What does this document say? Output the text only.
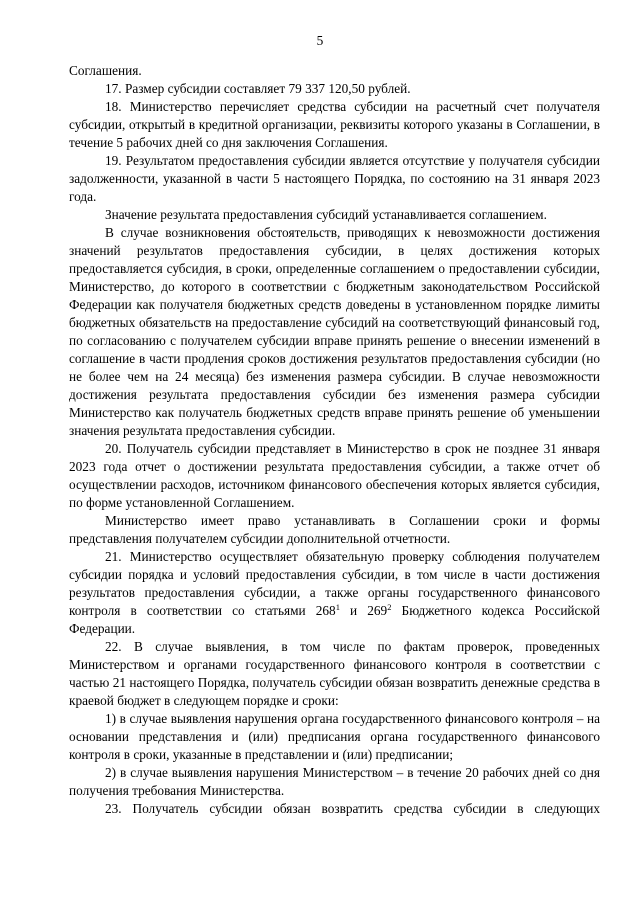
5

Соглашения.

17. Размер субсидии составляет 79 337 120,50 рублей.

18. Министерство перечисляет средства субсидии на расчетный счет получателя субсидии, открытый в кредитной организации, реквизиты которого указаны в Соглашении, в течение 5 рабочих дней со дня заключения Соглашения.

19. Результатом предоставления субсидии является отсутствие у получателя субсидии задолженности, указанной в части 5 настоящего Порядка, по состоянию на 31 января 2023 года.

Значение результата предоставления субсидий устанавливается соглашением.

В случае возникновения обстоятельств, приводящих к невозможности достижения значений результатов предоставления субсидии, в целях достижения которых предоставляется субсидия, в сроки, определенные соглашением о предоставлении субсидии, Министерство, до которого в соответствии с бюджетным законодательством Российской Федерации как получателя бюджетных средств доведены в установленном порядке лимиты бюджетных обязательств на предоставление субсидий на соответствующий финансовый год, по согласованию с получателем субсидии вправе принять решение о внесении изменений в соглашение в части продления сроков достижения результатов предоставления субсидии (но не более чем на 24 месяца) без изменения размера субсидии. В случае невозможности достижения результата предоставления субсидии без изменения размера субсидии Министерство как получатель бюджетных средств вправе принять решение об уменьшении значения результата предоставления субсидии.

20. Получатель субсидии представляет в Министерство в срок не позднее 31 января 2023 года отчет о достижении результата предоставления субсидии, а также отчет об осуществлении расходов, источником финансового обеспечения которых является субсидия, по форме установленной Соглашением.

Министерство имеет право устанавливать в Соглашении сроки и формы представления получателем субсидии дополнительной отчетности.

21. Министерство осуществляет обязательную проверку соблюдения получателем субсидии порядка и условий предоставления субсидии, в том числе в части достижения результатов предоставления субсидии, а также органы государственного финансового контроля в соответствии со статьями $268^1$ и $269^2$ Бюджетного кодекса Российской Федерации.

22. В случае выявления, в том числе по фактам проверок, проведенных Министерством и органами государственного финансового контроля в соответствии с частью 21 настоящего Порядка, получатель субсидии обязан возвратить денежные средства в краевой бюджет в следующем порядке и сроки:

1) в случае выявления нарушения органа государственного финансового контроля – на основании представления и (или) предписания органа государственного финансового контроля в сроки, указанные в представлении и (или) предписании;

2) в случае выявления нарушения Министерством – в течение 20 рабочих дней со дня получения требования Министерства.

23. Получатель субсидии обязан возвратить средства субсидии в следующих
